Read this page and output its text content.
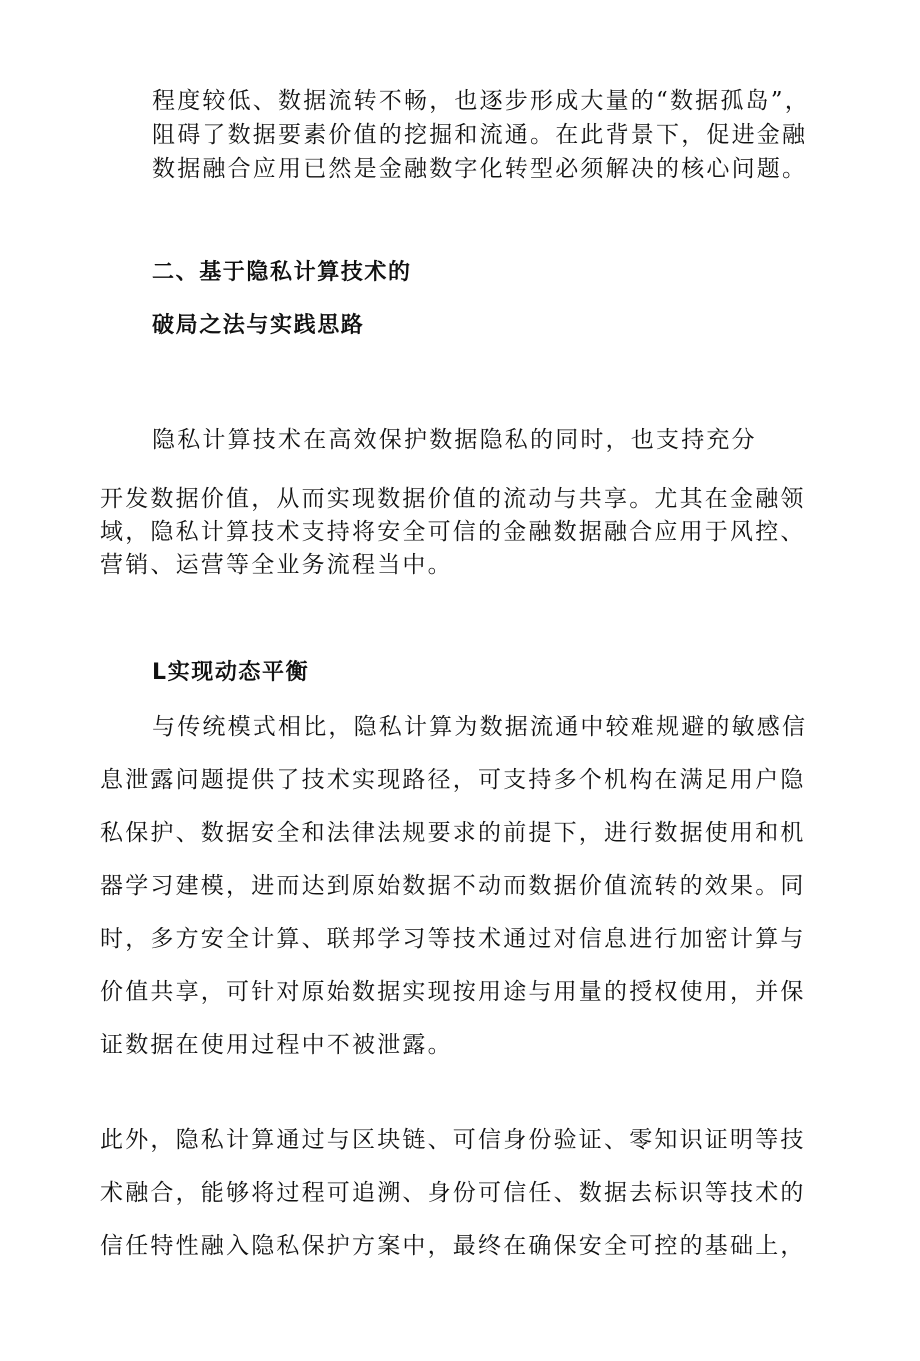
程度较低、数据流转不畅，也逐步形成大量的“数据孤岛”，
阻碍了数据要素价值的挖掘和流通。在此背景下，促进金融
数据融合应用已然是金融数字化转型必须解决的核心问题。
二、基于隐私计算技术的
破局之法与实践思路
隐私计算技术在高效保护数据隐私的同时，也支持充分
开发数据价值，从而实现数据价值的流动与共享。尤其在金融领
域，隐私计算技术支持将安全可信的金融数据融合应用于风控、
营销、运营等全业务流程当中。
L实现动态平衡
与传统模式相比，隐私计算为数据流通中较难规避的敏感信
息泄露问题提供了技术实现路径，可支持多个机构在满足用户隐
私保护、数据安全和法律法规要求的前提下，进行数据使用和机
器学习建模，进而达到原始数据不动而数据价值流转的效果。同
时，多方安全计算、联邦学习等技术通过对信息进行加密计算与
价值共享，可针对原始数据实现按用途与用量的授权使用，并保
证数据在使用过程中不被泄露。
此外，隐私计算通过与区块链、可信身份验证、零知识证明等技
术融合，能够将过程可追溯、身份可信任、数据去标识等技术的
信任特性融入隐私保护方案中，最终在确保安全可控的基础上，
